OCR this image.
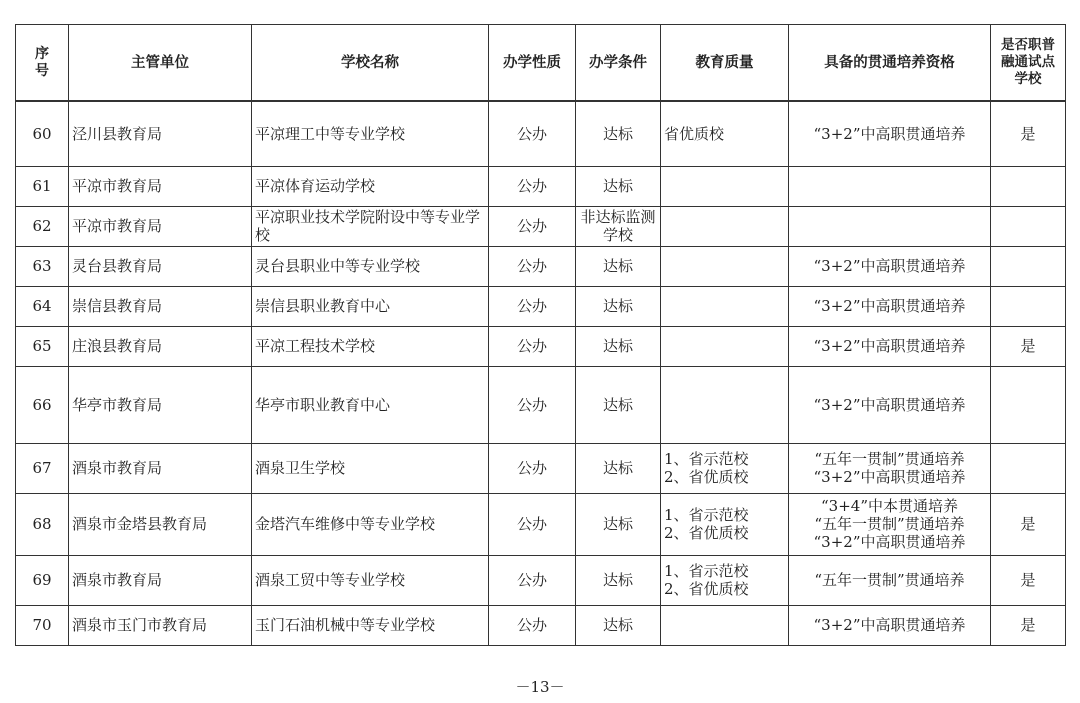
序
号	主管单位	学校名称	办学性质	办学条件	教育质量	具备的贯通培养资格	是否职普
融通试点
学校
60	泾川县教育局	平凉理工中等专业学校	公办	达标	省优质校	“3+2”中高职贯通培养	是
61	平凉市教育局	平凉体育运动学校	公办	达标			
62	平凉市教育局	平凉职业技术学院附设中等专业学校	公办	非达标监测学校			
63	灵台县教育局	灵台县职业中等专业学校	公办	达标		“3+2”中高职贯通培养	
64	崇信县教育局	崇信县职业教育中心	公办	达标		“3+2”中高职贯通培养	
65	庄浪县教育局	平凉工程技术学校	公办	达标		“3+2”中高职贯通培养	是
66	华亭市教育局	华亭市职业教育中心	公办	达标		“3+2”中高职贯通培养	
67	酒泉市教育局	酒泉卫生学校	公办	达标	1、省示范校
2、省优质校	“五年一贯制”贯通培养
“3+2”中高职贯通培养	
68	酒泉市金塔县教育局	金塔汽车维修中等专业学校	公办	达标	1、省示范校
2、省优质校	“3+4”中本贯通培养
“五年一贯制”贯通培养
“3+2”中高职贯通培养	是
69	酒泉市教育局	酒泉工贸中等专业学校	公办	达标	1、省示范校
2、省优质校	“五年一贯制”贯通培养	是
70	酒泉市玉门市教育局	玉门石油机械中等专业学校	公办	达标		“3+2”中高职贯通培养	是
－13－
